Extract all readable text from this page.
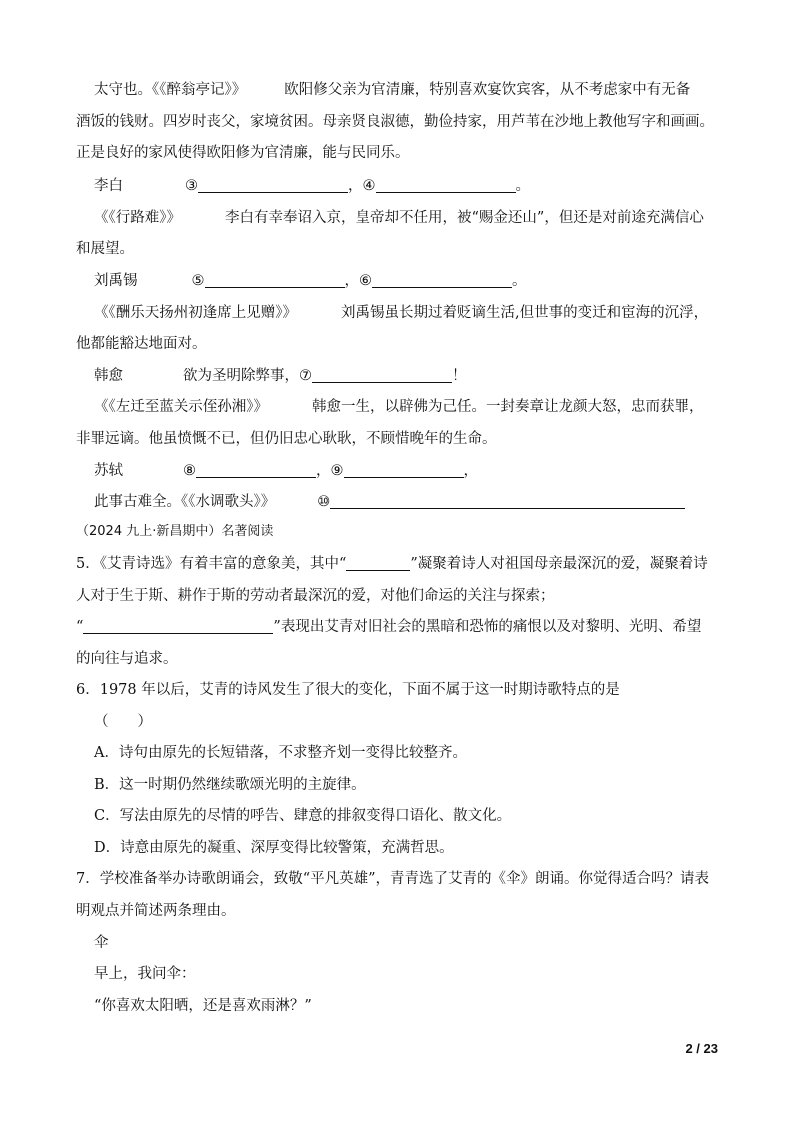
太守也。《《醉翁亭记》》	欧阳修父亲为官清廉，特别喜欢宴饮宾客，从不考虑家中有无备
酒饭的钱财。四岁时丧父，家境贫困。母亲贤良淑德，勤俭持家，用芦苇在沙地上教他写字和画画。
正是良好的家风使得欧阳修为官清廉，能与民同乐。
李白	③	，④	。
《《行路难》》	李白有幸奉诏入京，皇帝却不任用，被“赐金还山”，但还是对前途充满信心
和展望。
刘禹锡	⑤	，⑥	。
《《酬乐天扬州初逢席上见赠》》	刘禹锡虽长期过着贬谪生活,但世事的变迁和宦海的沉浮，
他都能豁达地面对。
韩愈	欲为圣明除弊事，⑦	！
《《左迁至蓝关示侄孙湘》》	韩愈一生，以辟佛为己任。一封奏章让龙颜大怒，忠而获罪，
非罪远谪。他虽愤慨不已，但仍旧忠心耿耿，不顾惜晚年的生命。
苏轼	⑧	，⑨	，
此事古难全。《《水调歌头》》	⑩
（2024 九上·新昌期中）名著阅读
5．《艾青诗选》有着丰富的意象美，其中“	”凝聚着诗人对祖国母亲最深沉的爱，凝聚着诗
人对于生于斯、耕作于斯的劳动者最深沉的爱，对他们命运的关注与探索；
“	”表现出艾青对旧社会的黑暗和恐怖的痛恨以及对黎明、光明、希望
的向往与追求。
6．1978 年以后，艾青的诗风发生了很大的变化，下面不属于这一时期诗歌特点的是
（　　）
A．诗句由原先的长短错落，不求整齐划一变得比较整齐。
B．这一时期仍然继续歌颂光明的主旋律。
C．写法由原先的尽情的呼告、肆意的排叙变得口语化、散文化。
D．诗意由原先的凝重、深厚变得比较警策，充满哲思。
7．学校准备举办诗歌朗诵会，致敬“平凡英雄”，青青选了艾青的《伞》朗诵。你觉得适合吗？请表
明观点并简述两条理由。
伞
早上，我问伞：
“你喜欢太阳晒，还是喜欢雨淋？”
2 / 23
